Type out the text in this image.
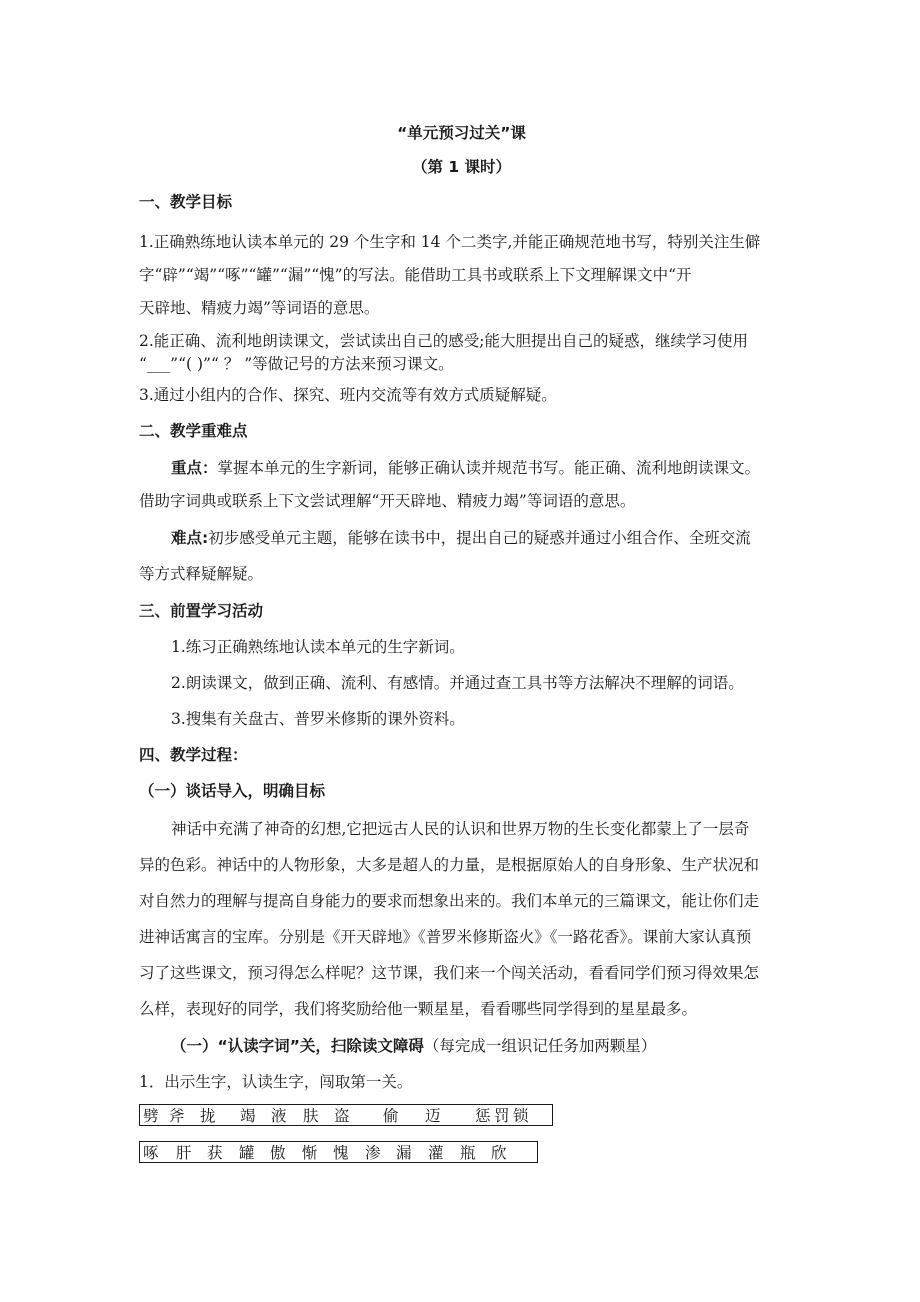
“单元预习过关”课
（第 1 课时）
一、教学目标
1.正确熟练地认读本单元的 29 个生字和 14 个二类字,并能正确规范地书写，特别关注生僻
字“辟”“竭”“啄”“罐”“漏”“愧”的写法。能借助工具书或联系上下文理解课文中“开
天辟地、精疲力竭”等词语的意思。
2.能正确、流利地朗读课文，尝试读出自己的感受;能大胆提出自己的疑惑，继续学习使用
“___”“( )”“ ？ ”等做记号的方法来预习课文。
3.通过小组内的合作、探究、班内交流等有效方式质疑解疑。
二、教学重难点
重点：掌握本单元的生字新词，能够正确认读并规范书写。能正确、流利地朗读课文。
借助字词典或联系上下文尝试理解“开天辟地、精疲力竭”等词语的意思。
难点:初步感受单元主题，能够在读书中，提出自己的疑惑并通过小组合作、全班交流
等方式释疑解疑。
三、前置学习活动
1.练习正确熟练地认读本单元的生字新词。
2.朗读课文，做到正确、流利、有感情。并通过查工具书等方法解决不理解的词语。
3.搜集有关盘古、普罗米修斯的课外资料。
四、教学过程：
（一）谈话导入，明确目标
神话中充满了神奇的幻想,它把远古人民的认识和世界万物的生长变化都蒙上了一层奇
异的色彩。神话中的人物形象，大多是超人的力量，是根据原始人的自身形象、生产状况和
对自然力的理解与提高自身能力的要求而想象出来的。我们本单元的三篇课文，能让你们走
进神话寓言的宝库。分别是《开天辟地》《普罗米修斯盗火》《一路花香》。课前大家认真预
习了这些课文，预习得怎么样呢？这节课，我们来一个闯关活动，看看同学们预习得效果怎
么样，表现好的同学，我们将奖励给他一颗星星，看看哪些同学得到的星星最多。
（一）“认读字词”关，扫除读文障碍（每完成一组识记任务加两颗星）
1．出示生字，认读生字，闯取第一关。
劈 斧 拢	竭 液	肤 盗	偷	迈	惩 罚 锁
啄	肝 获	罐 傲	惭 愧	渗 漏	灌	瓶 欣
